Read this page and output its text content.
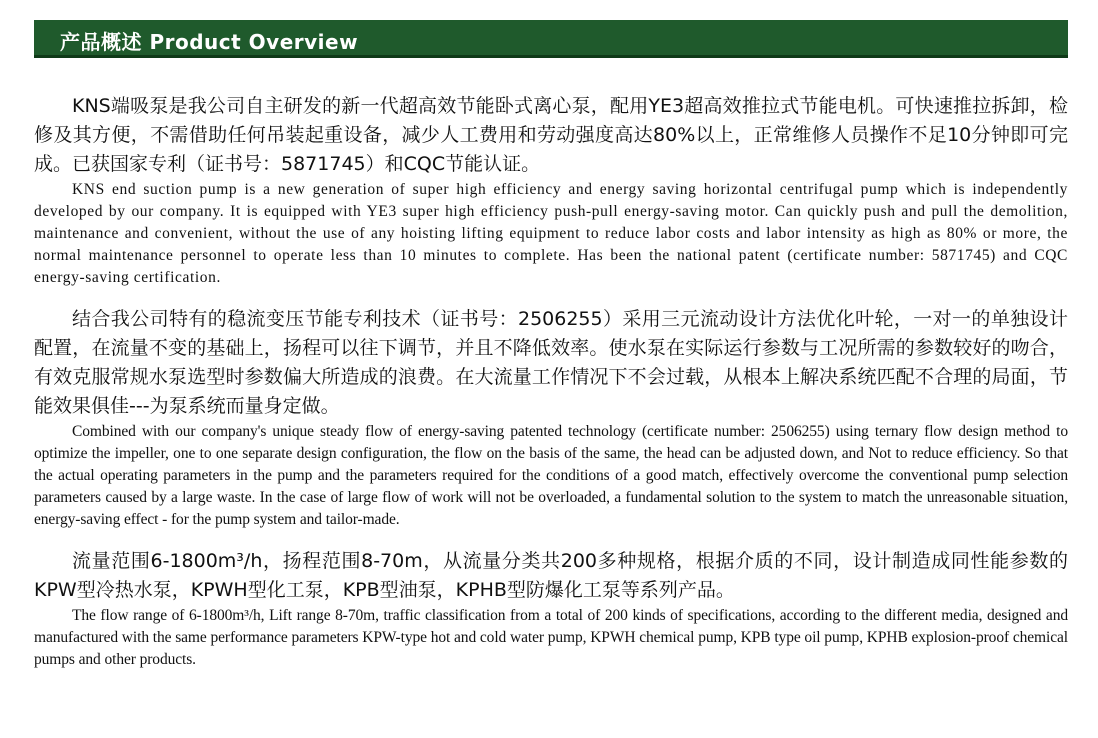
产品概述 Product Overview

KNS端吸泵是我公司自主研发的新一代超高效节能卧式离心泵，配用YE3超高效推拉式节能电机。可快速推拉拆卸，检修及其方便，不需借助任何吊装起重设备，减少人工费用和劳动强度高达80%以上，正常维修人员操作不足10分钟即可完成。已获国家专利（证书号：5871745）和CQC节能认证。

KNS end suction pump is a new generation of super high efficiency and energy saving horizontal centrifugal pump which is independently developed by our company. It is equipped with YE3 super high efficiency push-pull energy-saving motor. Can quickly push and pull the demolition, maintenance and convenient, without the use of any hoisting lifting equipment to reduce labor costs and labor intensity as high as 80% or more, the normal maintenance personnel to operate less than 10 minutes to complete. Has been the national patent (certificate number: 5871745) and CQC energy-saving certification.

结合我公司特有的稳流变压节能专利技术（证书号：2506255）采用三元流动设计方法优化叶轮，一对一的单独设计配置，在流量不变的基础上，扬程可以往下调节，并且不降低效率。使水泵在实际运行参数与工况所需的参数较好的吻合，有效克服常规水泵选型时参数偏大所造成的浪费。在大流量工作情况下不会过载，从根本上解决系统匹配不合理的局面，节能效果俱佳---为泵系统而量身定做。

Combined with our company's unique steady flow of energy-saving patented technology (certificate number: 2506255) using ternary flow design method to optimize the impeller, one to one separate design configuration, the flow on the basis of the same, the head can be adjusted down, and Not to reduce efficiency. So that the actual operating parameters in the pump and the parameters required for the conditions of a good match, effectively overcome the conventional pump selection parameters caused by a large waste. In the case of large flow of work will not be overloaded, a fundamental solution to the system to match the unreasonable situation, energy-saving effect - for the pump system and tailor-made.

流量范围6-1800m³/h，扬程范围8-70m，从流量分类共200多种规格，根据介质的不同，设计制造成同性能参数的KPW型冷热水泵，KPWH型化工泵，KPB型油泵，KPHB型防爆化工泵等系列产品。

The flow range of 6-1800m³/h, Lift range 8-70m, traffic classification from a total of 200 kinds of specifications, according to the different media, designed and manufactured with the same performance parameters KPW-type hot and cold water pump, KPWH chemical pump, KPB type oil pump, KPHB explosion-proof chemical pumps and other products.
